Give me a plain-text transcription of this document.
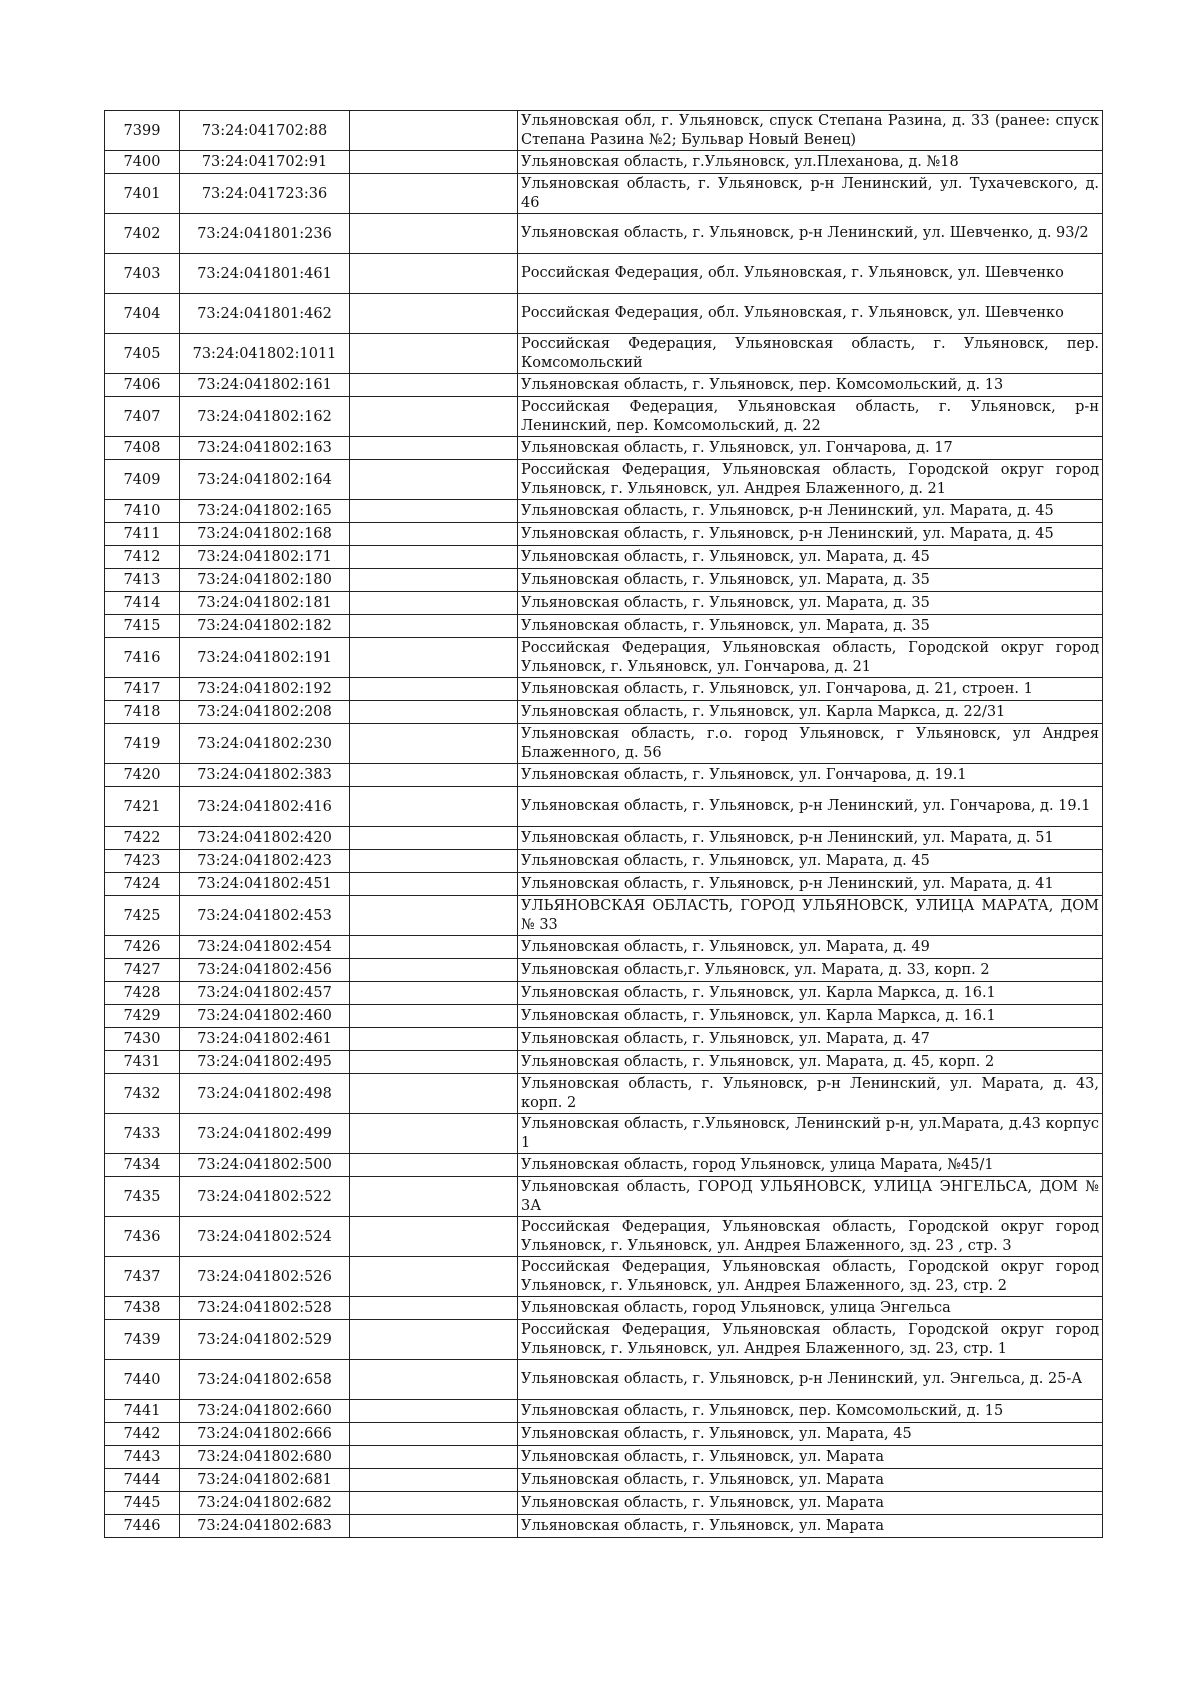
7399	73:24:041702:88		Ульяновская обл, г. Ульяновск, спуск Степана Разина, д. 33 (ранее: спуск Степана Разина №2; Бульвар Новый Венец)
7400	73:24:041702:91		Ульяновская область, г.Ульяновск, ул.Плеханова, д. №18
7401	73:24:041723:36		Ульяновская область, г. Ульяновск, р-н Ленинский, ул. Тухачевского, д. 46
7402	73:24:041801:236		Ульяновская область, г. Ульяновск, р-н Ленинский, ул. Шевченко, д. 93/2
7403	73:24:041801:461		Российская Федерация, обл. Ульяновская, г. Ульяновск, ул. Шевченко
7404	73:24:041801:462		Российская Федерация, обл. Ульяновская, г. Ульяновск, ул. Шевченко
7405	73:24:041802:1011		Российская Федерация, Ульяновская область, г. Ульяновск, пер. Комсомольский
7406	73:24:041802:161		Ульяновская область, г. Ульяновск, пер. Комсомольский, д. 13
7407	73:24:041802:162		Российская Федерация, Ульяновская область, г. Ульяновск, р-н Ленинский, пер. Комсомольский, д. 22
7408	73:24:041802:163		Ульяновская область, г. Ульяновск, ул. Гончарова, д. 17
7409	73:24:041802:164		Российская Федерация, Ульяновская область, Городской округ город Ульяновск, г. Ульяновск, ул. Андрея Блаженного, д. 21
7410	73:24:041802:165		Ульяновская область, г. Ульяновск, р-н Ленинский, ул. Марата, д. 45
7411	73:24:041802:168		Ульяновская область, г. Ульяновск, р-н Ленинский, ул. Марата, д. 45
7412	73:24:041802:171		Ульяновская область, г. Ульяновск, ул. Марата, д. 45
7413	73:24:041802:180		Ульяновская область, г. Ульяновск, ул. Марата, д. 35
7414	73:24:041802:181		Ульяновская область, г. Ульяновск, ул. Марата, д. 35
7415	73:24:041802:182		Ульяновская область, г. Ульяновск, ул. Марата, д. 35
7416	73:24:041802:191		Российская Федерация, Ульяновская область, Городской округ город Ульяновск, г. Ульяновск, ул. Гончарова, д. 21
7417	73:24:041802:192		Ульяновская область, г. Ульяновск, ул. Гончарова, д. 21, строен. 1
7418	73:24:041802:208		Ульяновская область, г. Ульяновск, ул. Карла Маркса, д. 22/31
7419	73:24:041802:230		Ульяновская область, г.о. город Ульяновск, г Ульяновск, ул Андрея Блаженного, д. 56
7420	73:24:041802:383		Ульяновская область, г. Ульяновск, ул. Гончарова, д. 19.1
7421	73:24:041802:416		Ульяновская область, г. Ульяновск, р-н Ленинский, ул. Гончарова, д. 19.1
7422	73:24:041802:420		Ульяновская область, г. Ульяновск, р-н Ленинский, ул. Марата, д. 51
7423	73:24:041802:423		Ульяновская область, г. Ульяновск, ул. Марата, д. 45
7424	73:24:041802:451		Ульяновская область, г. Ульяновск, р-н Ленинский, ул. Марата, д. 41
7425	73:24:041802:453		УЛЬЯНОВСКАЯ ОБЛАСТЬ, ГОРОД УЛЬЯНОВСК, УЛИЦА МАРАТА, ДОМ № 33
7426	73:24:041802:454		Ульяновская область, г. Ульяновск, ул. Марата, д. 49
7427	73:24:041802:456		Ульяновская область,г. Ульяновск, ул. Марата, д. 33, корп. 2
7428	73:24:041802:457		Ульяновская область, г. Ульяновск, ул. Карла Маркса, д. 16.1
7429	73:24:041802:460		Ульяновская область, г. Ульяновск, ул. Карла Маркса, д. 16.1
7430	73:24:041802:461		Ульяновская область, г. Ульяновск, ул. Марата, д. 47
7431	73:24:041802:495		Ульяновская область, г. Ульяновск, ул. Марата, д. 45, корп. 2
7432	73:24:041802:498		Ульяновская область, г. Ульяновск, р-н Ленинский, ул. Марата, д. 43, корп. 2
7433	73:24:041802:499		Ульяновская область, г.Ульяновск, Ленинский р-н, ул.Марата, д.43 корпус 1
7434	73:24:041802:500		Ульяновская область, город Ульяновск, улица Марата, №45/1
7435	73:24:041802:522		Ульяновская область, ГОРОД УЛЬЯНОВСК, УЛИЦА ЭНГЕЛЬСА, ДОМ № 3А
7436	73:24:041802:524		Российская Федерация, Ульяновская область, Городской округ город Ульяновск, г. Ульяновск, ул. Андрея Блаженного, зд. 23 , стр. 3
7437	73:24:041802:526		Российская Федерация, Ульяновская область, Городской округ город Ульяновск, г. Ульяновск, ул. Андрея Блаженного, зд. 23, стр. 2
7438	73:24:041802:528		Ульяновская область, город Ульяновск, улица Энгельса
7439	73:24:041802:529		Российская Федерация, Ульяновская область, Городской округ город Ульяновск, г. Ульяновск, ул. Андрея Блаженного, зд. 23, стр. 1
7440	73:24:041802:658		Ульяновская область, г. Ульяновск, р-н Ленинский, ул. Энгельса, д. 25-А
7441	73:24:041802:660		Ульяновская область, г. Ульяновск, пер. Комсомольский, д. 15
7442	73:24:041802:666		Ульяновская область, г. Ульяновск, ул. Марата, 45
7443	73:24:041802:680		Ульяновская область, г. Ульяновск, ул. Марата
7444	73:24:041802:681		Ульяновская область, г. Ульяновск, ул. Марата
7445	73:24:041802:682		Ульяновская область, г. Ульяновск, ул. Марата
7446	73:24:041802:683		Ульяновская область, г. Ульяновск, ул. Марата
